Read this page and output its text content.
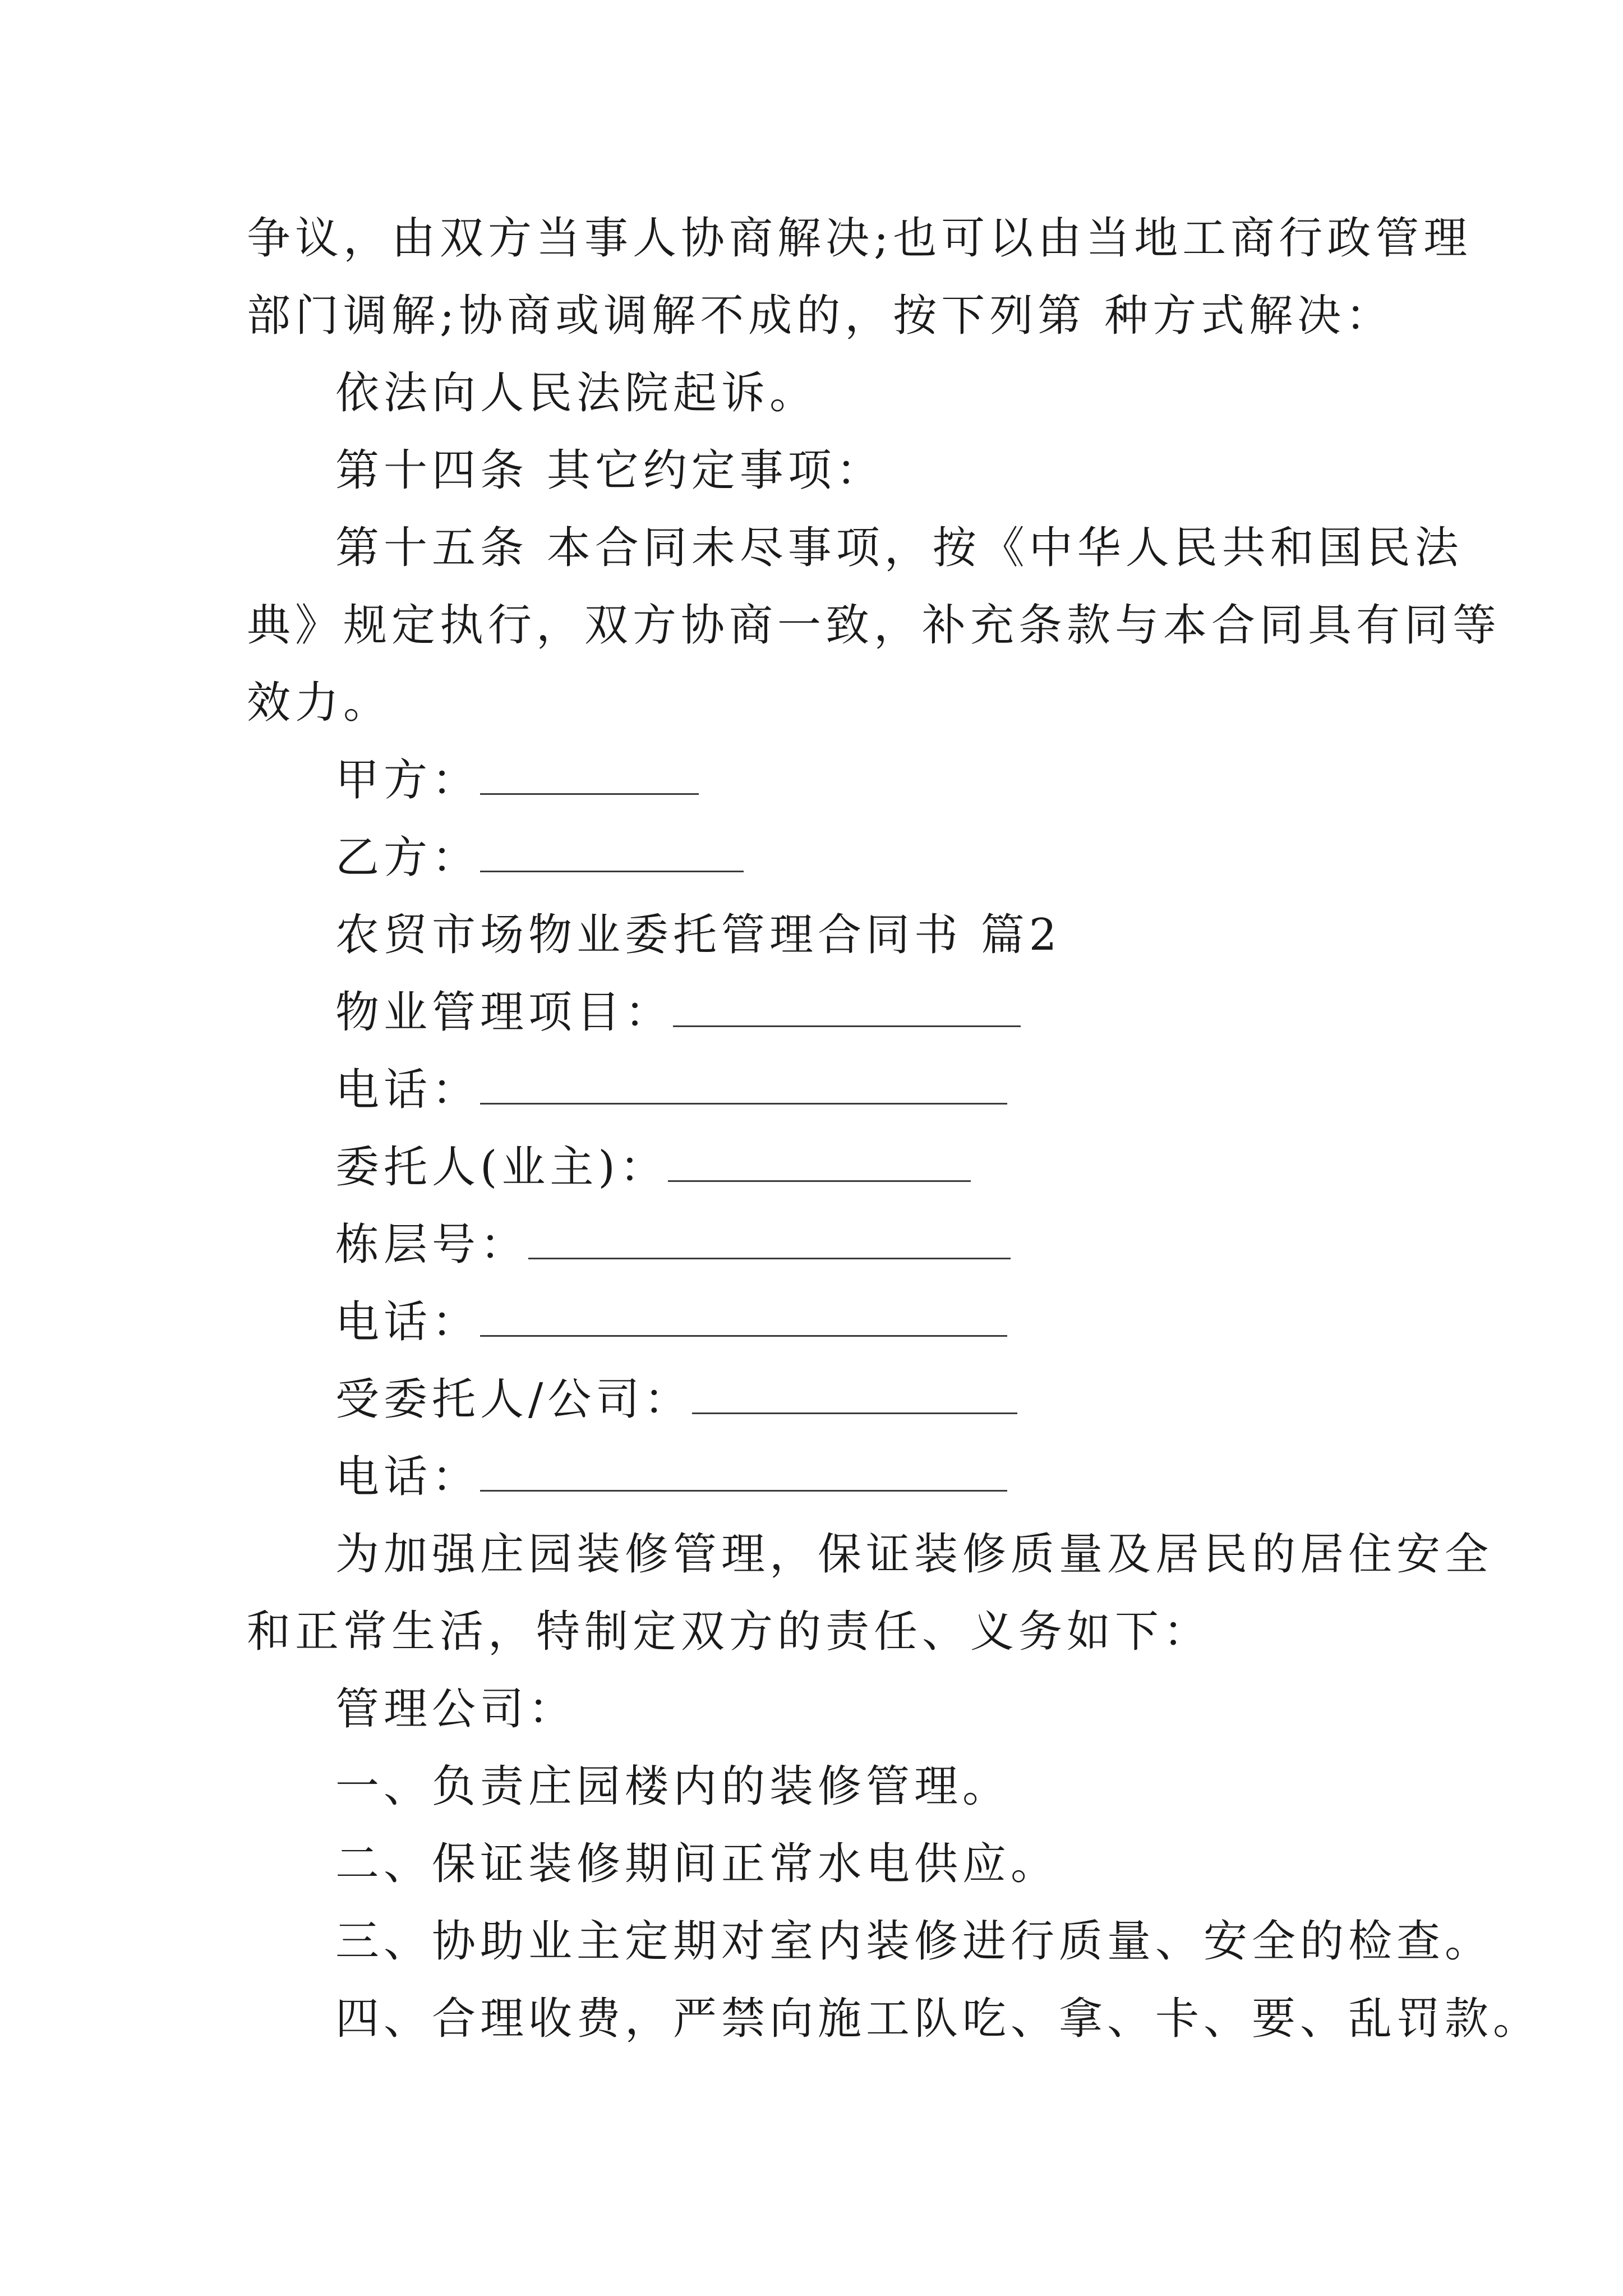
争议，由双方当事人协商解决;也可以由当地工商行政管理
部门调解;协商或调解不成的，按下列第 种方式解决：
依法向人民法院起诉。
第十四条 其它约定事项：
第十五条 本合同未尽事项，按《中华人民共和国民法
典》规定执行，双方协商一致，补充条款与本合同具有同等
效力。
甲方：
乙方：
农贸市场物业委托管理合同书 篇2
物业管理项目：
电话：
委托人(业主)：
栋层号：
电话：
受委托人/公司：
电话：
为加强庄园装修管理，保证装修质量及居民的居住安全
和正常生活，特制定双方的责任、义务如下：
管理公司：
一、负责庄园楼内的装修管理。
二、保证装修期间正常水电供应。
三、协助业主定期对室内装修进行质量、安全的检查。
四、合理收费，严禁向施工队吃、拿、卡、要、乱罚款。
